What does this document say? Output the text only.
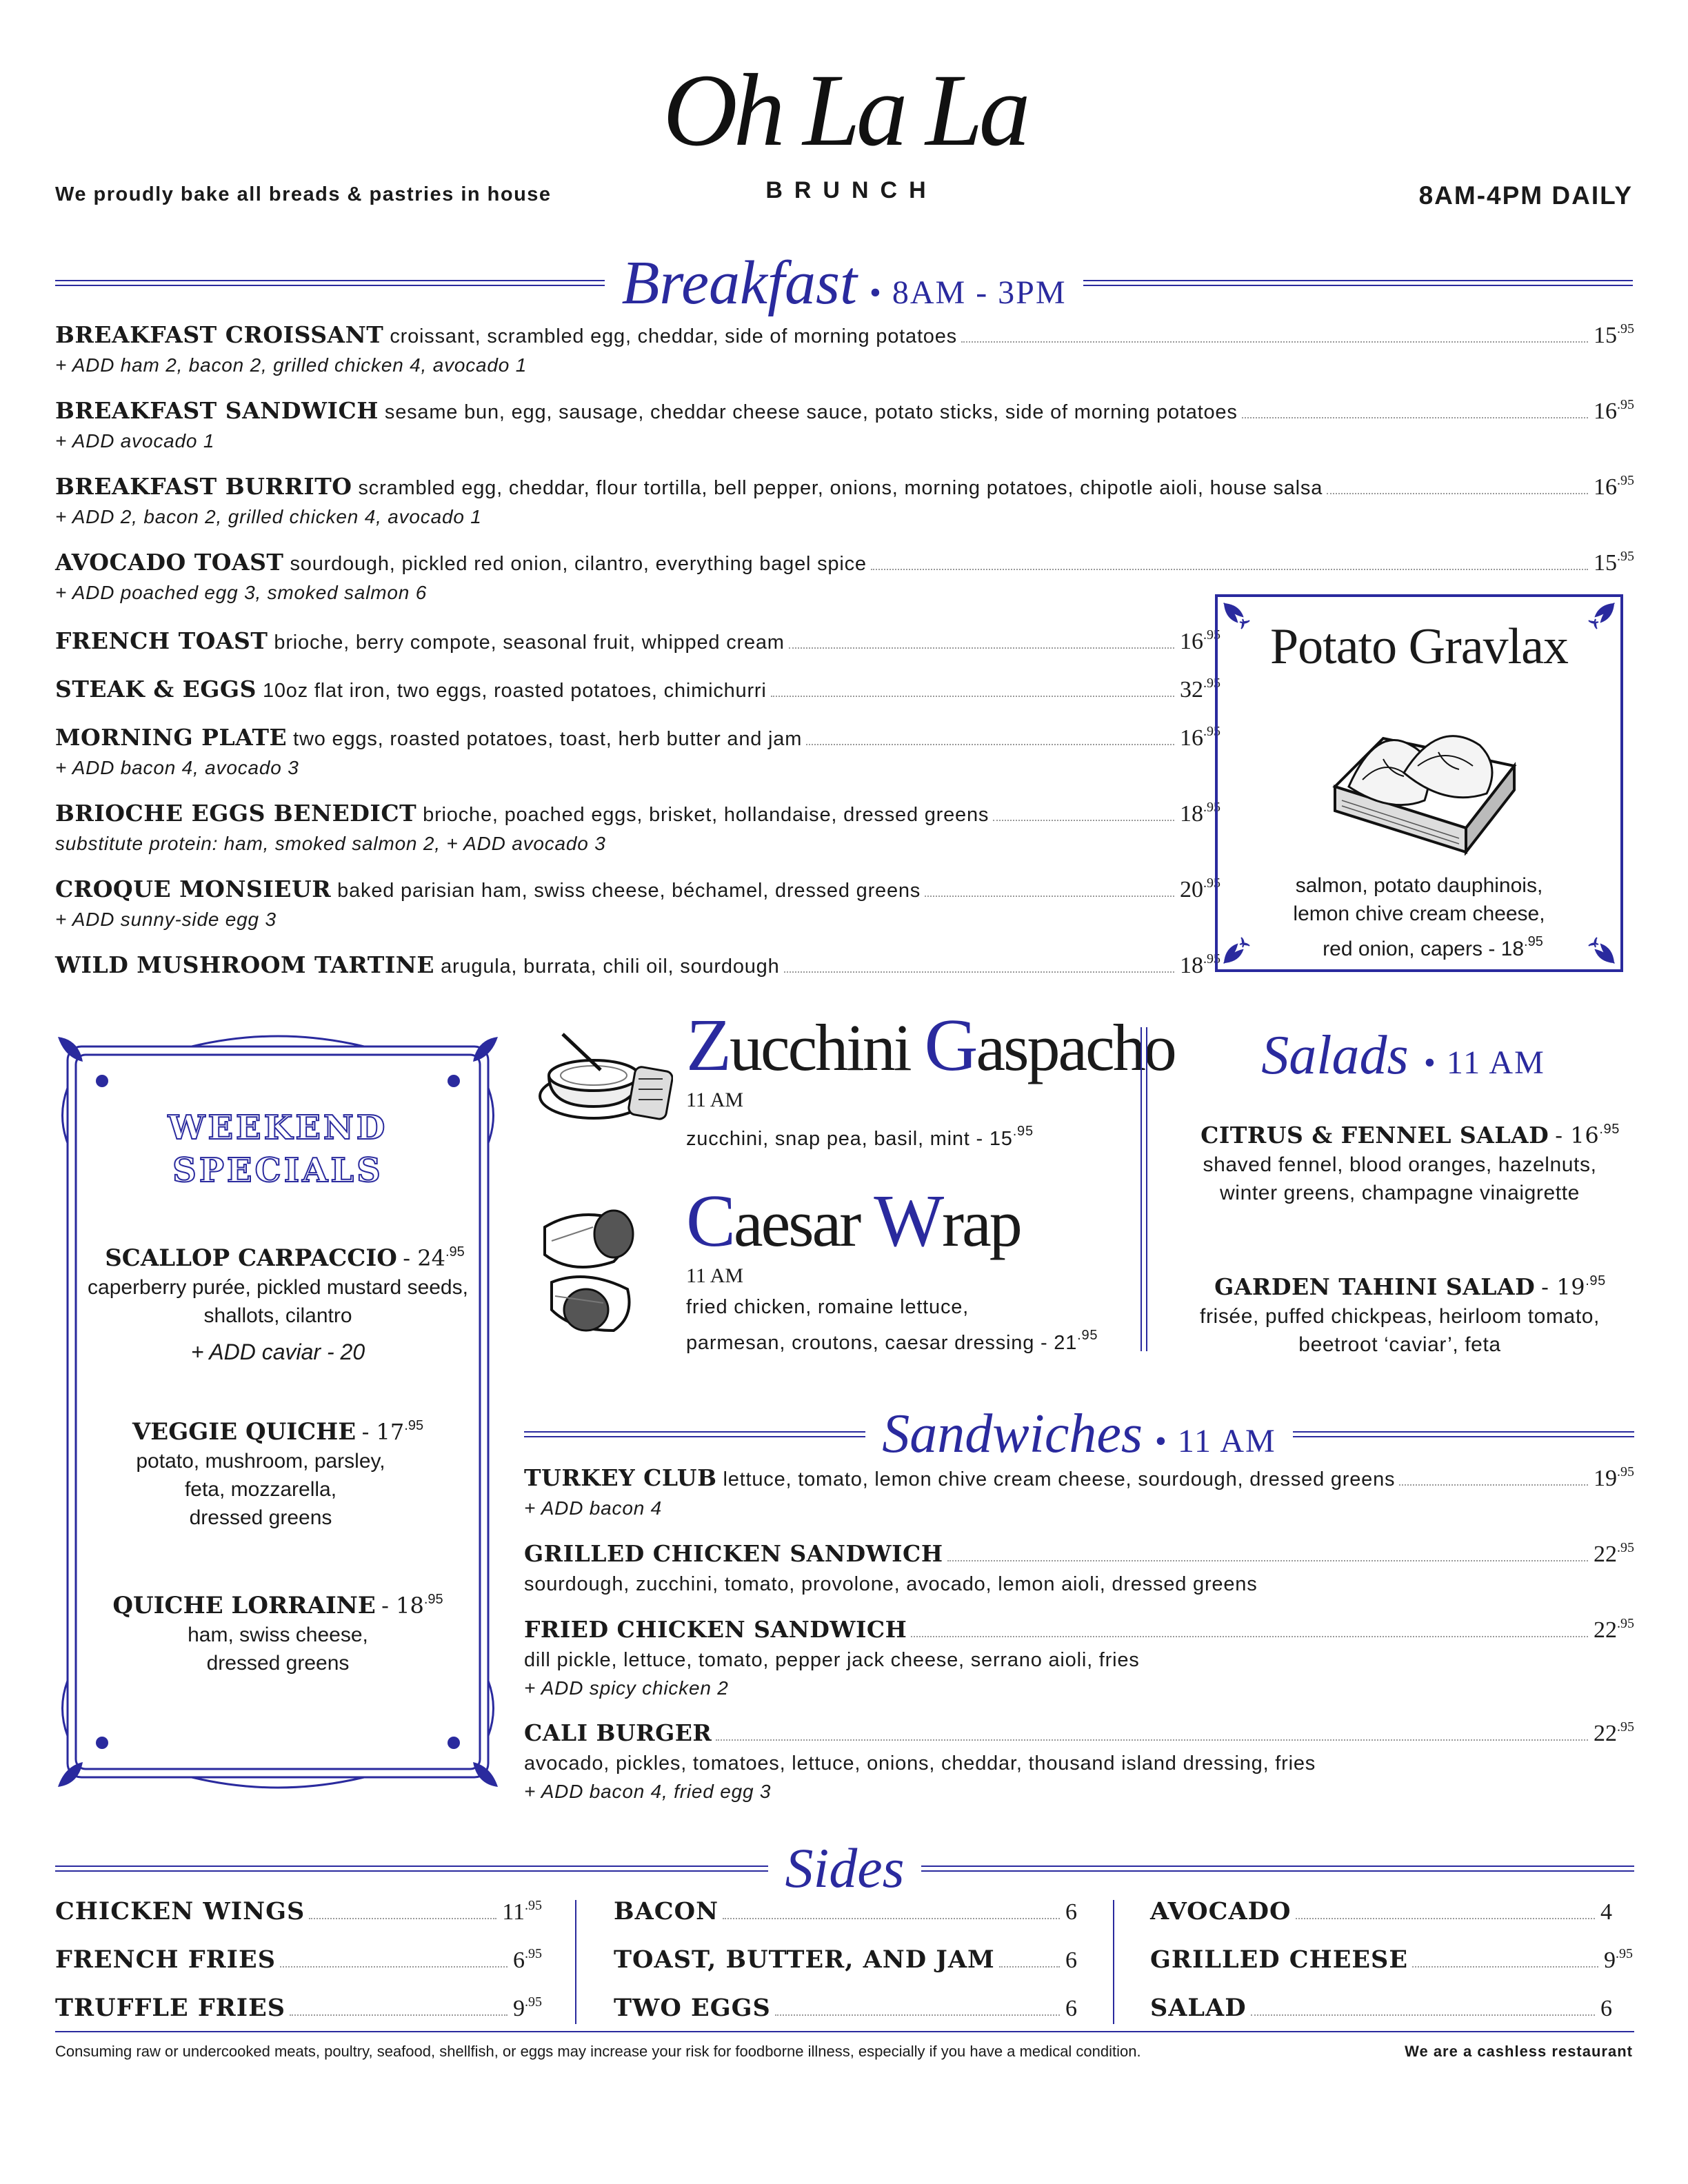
Oh La La
We proudly bake all breads & pastries in house	BRUNCH	8AM-4PM DAILY
Breakfast • 8AM - 3PM
BREAKFAST CROISSANT croissant, scrambled egg, cheddar, side of morning potatoes	$15^{.95}$
+ ADD ham 2, bacon 2, grilled chicken 4, avocado 1
BREAKFAST SANDWICH sesame bun, egg, sausage, cheddar cheese sauce, potato sticks, side of morning potatoes	$16^{.95}$
+ ADD avocado 1
BREAKFAST BURRITO scrambled egg, cheddar, flour tortilla, bell pepper, onions, morning potatoes, chipotle aioli, house salsa	$16^{.95}$
+ ADD 2, bacon 2, grilled chicken 4, avocado 1
AVOCADO TOAST sourdough, pickled red onion, cilantro, everything bagel spice	$15^{.95}$
+ ADD poached egg 3, smoked salmon 6
FRENCH TOAST brioche, berry compote, seasonal fruit, whipped cream	$16^{.95}$
STEAK & EGGS 10oz flat iron, two eggs, roasted potatoes, chimichurri	$32^{.95}$
MORNING PLATE two eggs, roasted potatoes, toast, herb butter and jam	$16^{.95}$
+ ADD bacon 4, avocado 3
BRIOCHE EGGS BENEDICT brioche, poached eggs, brisket, hollandaise, dressed greens	$18^{.95}$
substitute protein: ham, smoked salmon 2, + ADD avocado 3
CROQUE MONSIEUR baked parisian ham, swiss cheese, béchamel, dressed greens	$20^{.95}$
+ ADD sunny-side egg 3
WILD MUSHROOM TARTINE arugula, burrata, chili oil, sourdough	$18^{.95}$
Potato Gravlax
salmon, potato dauphinois,
lemon chive cream cheese,
red onion, capers - $18^{.95}$
WEEKEND
SPECIALS
SCALLOP CARPACCIO - $24^{.95}$
caperberry purée, pickled mustard seeds,
shallots, cilantro
+ ADD caviar - 20
VEGGIE QUICHE - $17^{.95}$
potato, mushroom, parsley,
feta, mozzarella,
dressed greens
QUICHE LORRAINE - $18^{.95}$
ham, swiss cheese,
dressed greens
Zucchini Gaspacho
11 AM
zucchini, snap pea, basil, mint - $15^{.95}$
Caesar Wrap
11 AM
fried chicken, romaine lettuce,
parmesan, croutons, caesar dressing - $21^{.95}$
Salads • 11 AM
CITRUS & FENNEL SALAD - $16^{.95}$
shaved fennel, blood oranges, hazelnuts,
winter greens, champagne vinaigrette
GARDEN TAHINI SALAD - $19^{.95}$
frisée, puffed chickpeas, heirloom tomato,
beetroot ‘caviar’, feta
Sandwiches • 11 AM
TURKEY CLUB lettuce, tomato, lemon chive cream cheese, sourdough, dressed greens	$19^{.95}$
+ ADD bacon 4
GRILLED CHICKEN SANDWICH	$22^{.95}$
sourdough, zucchini, tomato, provolone, avocado, lemon aioli, dressed greens
FRIED CHICKEN SANDWICH	$22^{.95}$
dill pickle, lettuce, tomato, pepper jack cheese, serrano aioli, fries
+ ADD spicy chicken 2
CALI BURGER	$22^{.95}$
avocado, pickles, tomatoes, lettuce, onions, cheddar, thousand island dressing, fries
+ ADD bacon 4, fried egg 3
Sides
CHICKEN WINGS	$11^{.95}$
FRENCH FRIES	$6^{.95}$
TRUFFLE FRIES	$9^{.95}$
BACON	6
TOAST, BUTTER, AND JAM	6
TWO EGGS	6
AVOCADO	4
GRILLED CHEESE	$9^{.95}$
SALAD	6
Consuming raw or undercooked meats, poultry, seafood, shellfish, or eggs may increase your risk for foodborne illness, especially if you have a medical condition.	We are a cashless restaurant
